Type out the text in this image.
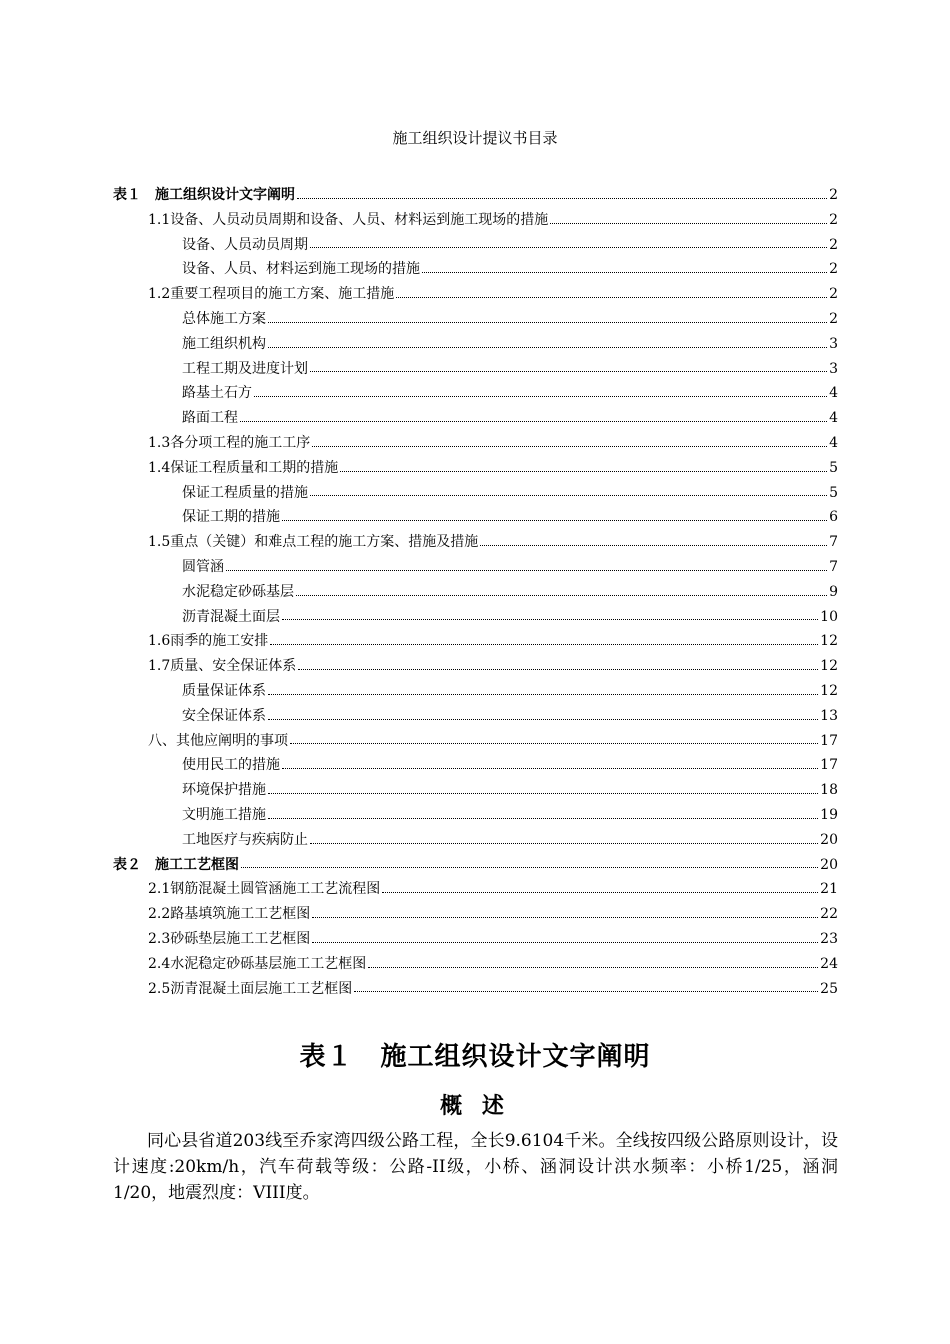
施工组织设计提议书目录
表１　施工组织设计文字阐明	2
1.1设备、人员动员周期和设备、人员、材料运到施工现场的措施	2
设备、人员动员周期	2
设备、人员、材料运到施工现场的措施	2
1.2重要工程项目的施工方案、施工措施	2
总体施工方案	2
施工组织机构	3
工程工期及进度计划	3
路基土石方	4
路面工程	4
1.3各分项工程的施工工序	4
1.4保证工程质量和工期的措施	5
保证工程质量的措施	5
保证工期的措施	6
1.5重点（关键）和难点工程的施工方案、措施及措施	7
圆管涵	7
水泥稳定砂砾基层	9
沥青混凝土面层	10
1.6雨季的施工安排	12
1.7质量、安全保证体系	12
质量保证体系	12
安全保证体系	13
八、其他应阐明的事项	17
使用民工的措施	17
环境保护措施	18
文明施工措施	19
工地医疗与疾病防止	20
表２　施工工艺框图	20
2.1钢筋混凝土圆管涵施工工艺流程图	21
2.2路基填筑施工工艺框图	22
2.3砂砾垫层施工工艺框图	23
2.4水泥稳定砂砾基层施工工艺框图	24
2.5沥青混凝土面层施工工艺框图	25
表１　施工组织设计文字阐明
概 述
同心县省道203线至乔家湾四级公路工程，全长9.6104千米。全线按四级公路原则设计，设计速度:20km/h，汽车荷载等级：公路-II级，小桥、涵洞设计洪水频率：小桥1/25，涵洞1/20，地震烈度：VIII度。
